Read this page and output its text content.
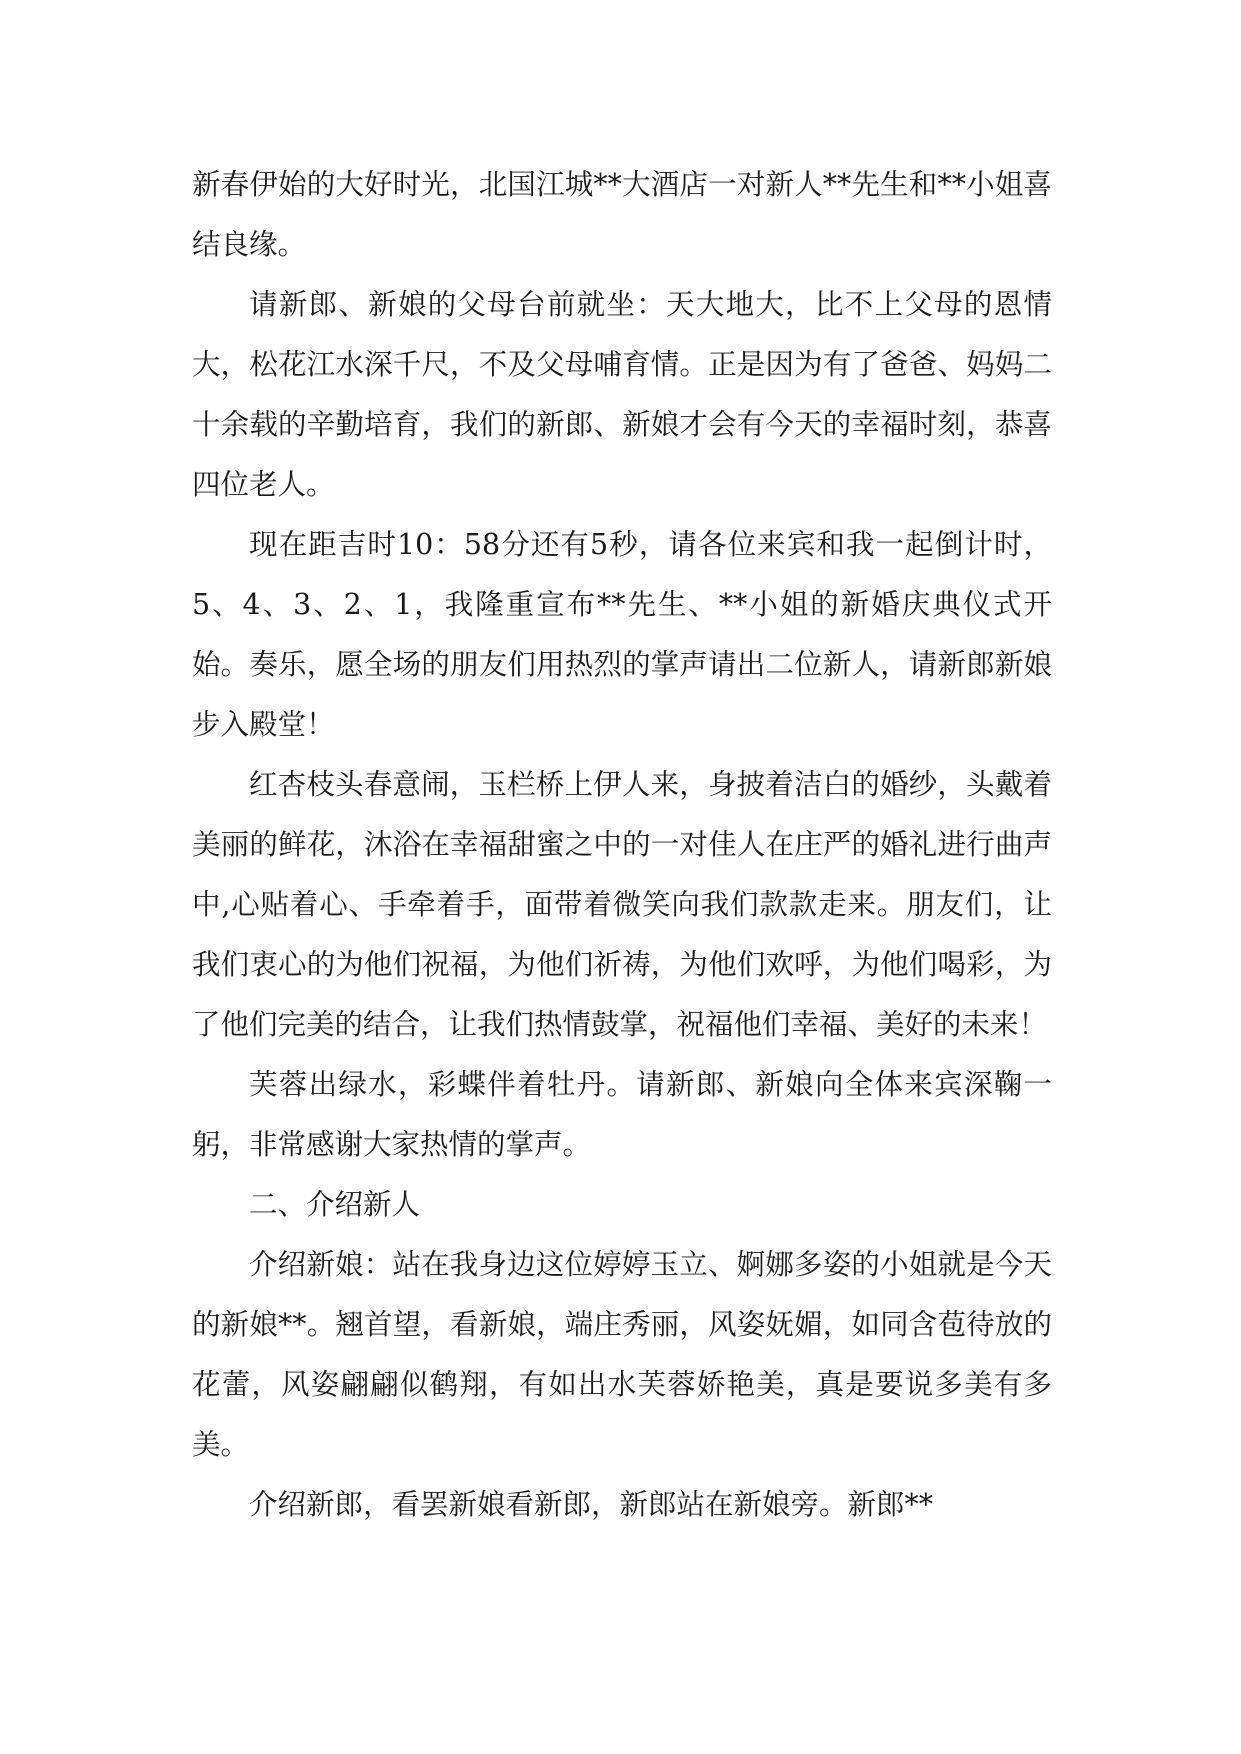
新春伊始的大好时光，北国江城**大酒店一对新人**先生和**小姐喜结良缘。

请新郎、新娘的父母台前就坐：天大地大，比不上父母的恩情大，松花江水深千尺，不及父母哺育情。正是因为有了爸爸、妈妈二十余载的辛勤培育，我们的新郎、新娘才会有今天的幸福时刻，恭喜四位老人。

现在距吉时10：58分还有5秒，请各位来宾和我一起倒计时，5、4、3、2、1，我隆重宣布**先生、**小姐的新婚庆典仪式开始。奏乐，愿全场的朋友们用热烈的掌声请出二位新人，请新郎新娘步入殿堂！

红杏枝头春意闹，玉栏桥上伊人来，身披着洁白的婚纱，头戴着美丽的鲜花，沐浴在幸福甜蜜之中的一对佳人在庄严的婚礼进行曲声中,心贴着心、手牵着手，面带着微笑向我们款款走来。朋友们，让我们衷心的为他们祝福，为他们祈祷，为他们欢呼，为他们喝彩，为了他们完美的结合，让我们热情鼓掌，祝福他们幸福、美好的未来！

芙蓉出绿水，彩蝶伴着牡丹。请新郎、新娘向全体来宾深鞠一躬，非常感谢大家热情的掌声。

二、介绍新人

介绍新娘：站在我身边这位婷婷玉立、婀娜多姿的小姐就是今天的新娘**。翘首望，看新娘，端庄秀丽，风姿妩媚，如同含苞待放的花蕾，风姿翩翩似鹤翔，有如出水芙蓉娇艳美，真是要说多美有多美。

介绍新郎，看罢新娘看新郎，新郎站在新娘旁。新郎**
